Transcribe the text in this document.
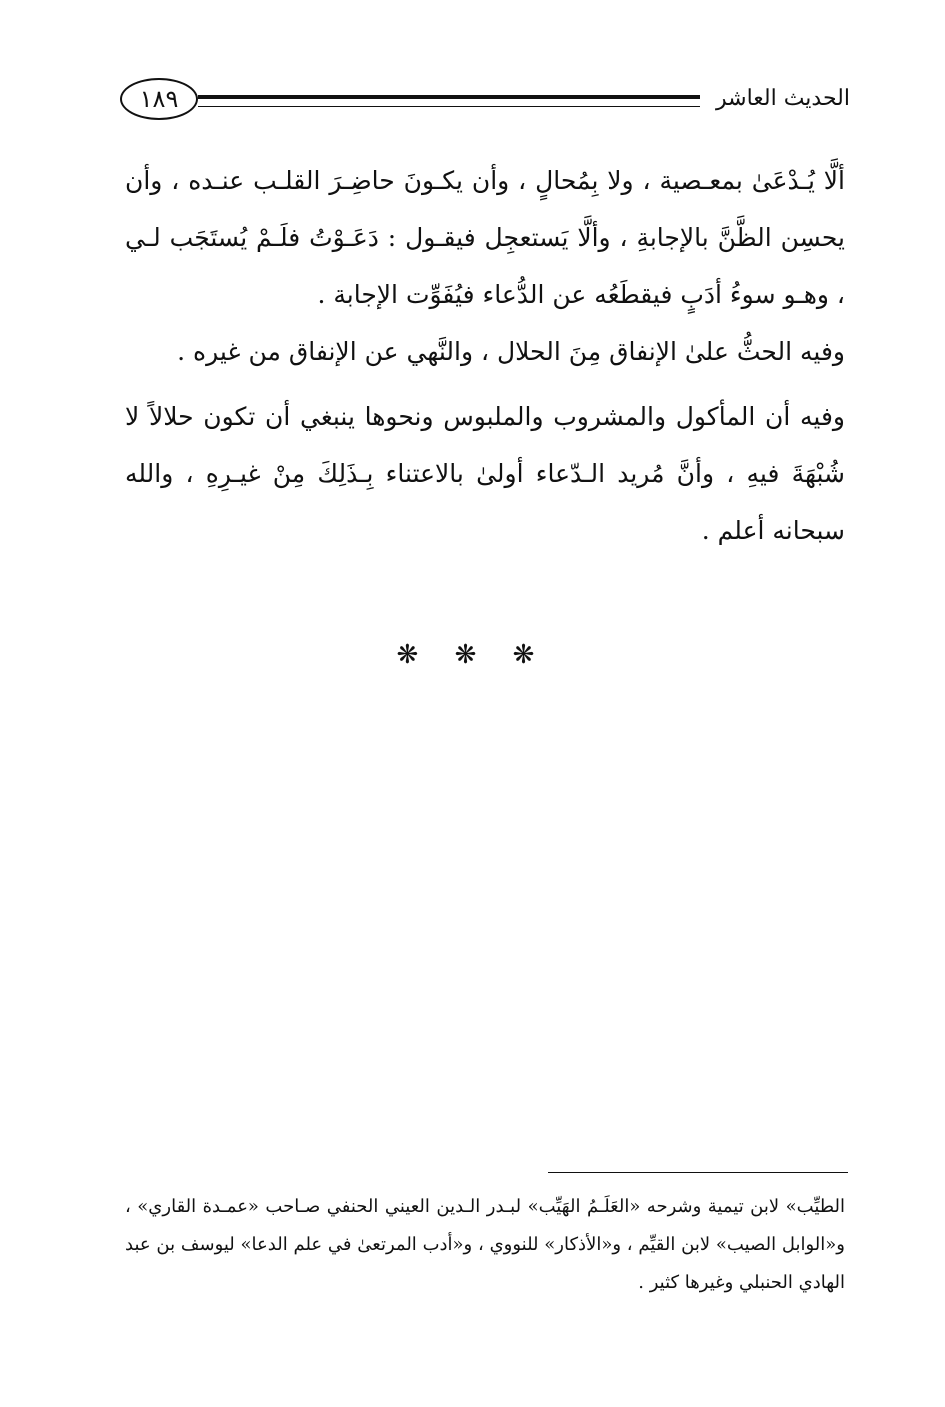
١٨٩	الحديث العاشر

ألَّا يُـدْعَىٰ بمعـصية ، ولا بِمُحالٍ ، وأن يكـونَ حاضِـرَ القلـب عنـده ، وأن يحسِن الظَّنَّ بالإجابةِ ، وألَّا يَستعجِل فيقـول : دَعَـوْتُ فلَـمْ يُستَجَب لـي ، وهـو سوءُ أدَبٍ فيقطَعُه عن الدُّعاء فيُفَوِّت الإجابة .

وفيه الحثُّ علىٰ الإنفاق مِنَ الحلال ، والنَّهي عن الإنفاق من غيره .

وفيه أن المأكول والمشروب والملبوس ونحوها ينبغي أن تكون حلالاً لا شُبْهَةَ فيهِ ، وأنَّ مُريد الـدّعاء أولىٰ بالاعتناء بِـذَلِكَ مِنْ غيـرِهِ ، والله سبحانه أعلم .

❋ ❋ ❋

الطيِّب» لابن تيمية وشرحه «العَلَـمُ الهَيِّب» لبـدر الـدين العيني الحنفي صـاحب «عمـدة القاري» ، و«الوابل الصيب» لابن القيِّم ، و«الأذكار» للنووي ، و«أدب المرتعىٰ في علم الدعا» ليوسف بن عبد الهادي الحنبلي وغيرها كثير .
